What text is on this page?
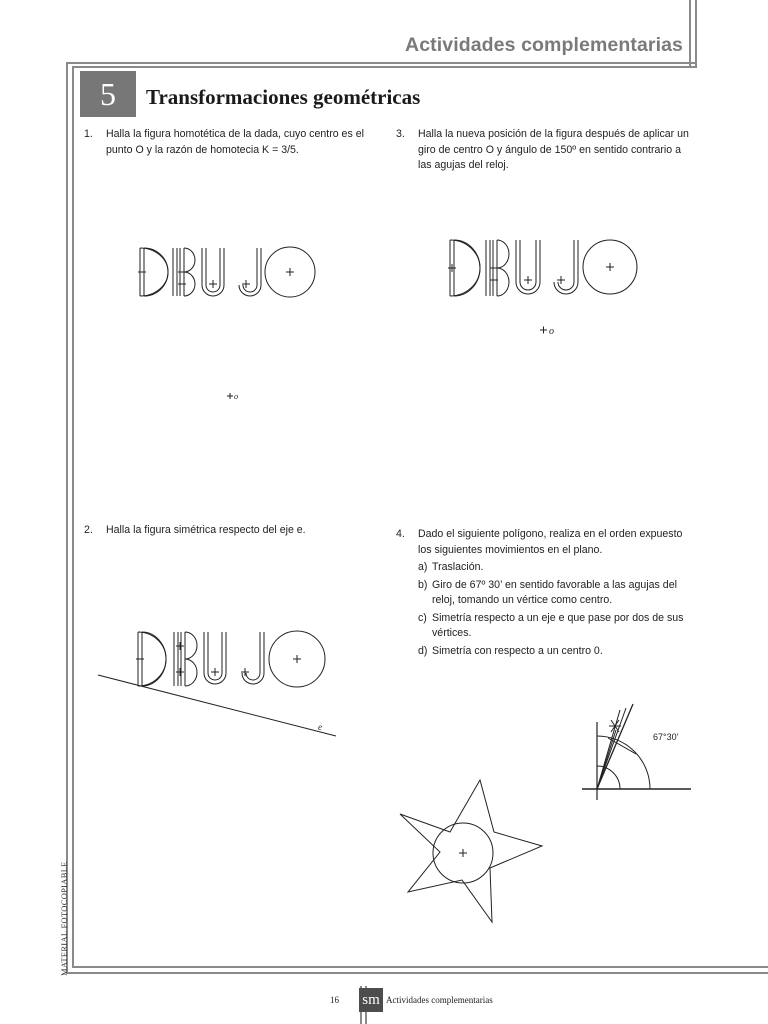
Actividades complementarias
5	Transformaciones geométricas
1. Halla la figura homotética de la dada, cuyo centro es el punto O y la razón de homotecia K = 3/5.
3. Halla la nueva posición de la figura después de aplicar un giro de centro O y ángulo de 150º en sentido contrario a las agujas del reloj.
2. Halla la figura simétrica respecto del eje e.	4. Dado el siguiente polígono, realiza en el orden expuesto los siguientes movimientos en el plano.
a) Traslación.
b) Giro de 67º 30’ en sentido favorable a las agujas del reloj, tomando un vértice como centro.
c) Simetría respecto a un eje e que pase por dos de sus vértices.
d) Simetría con respecto a un centro 0.
o
o
e
67°30’
MATERIAL FOTOCOPIABLE
16 sm Actividades complementarias
